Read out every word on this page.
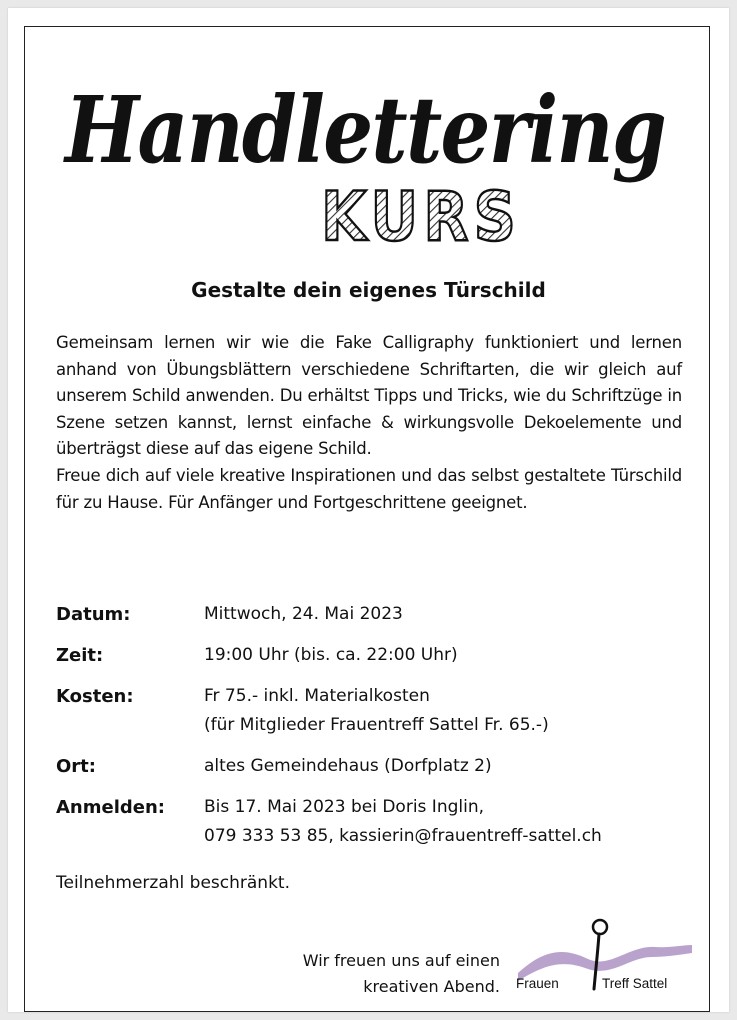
Handlettering
KURS
Gestalte dein eigenes Türschild

Gemeinsam lernen wir wie die Fake Calligraphy funktioniert und lernen anhand von Übungsblättern verschiedene Schriftarten, die wir gleich auf unserem Schild anwenden. Du erhältst Tipps und Tricks, wie du Schriftzüge in Szene setzen kannst, lernst einfache & wirkungsvolle Dekoelemente und überträgst diese auf das eigene Schild.

Freue dich auf viele kreative Inspirationen und das selbst gestaltete Türschild für zu Hause. Für Anfänger und Fortgeschrittene geeignet.

Datum:	Mittwoch, 24. Mai 2023
Zeit:	19:00 Uhr (bis. ca. 22:00 Uhr)
Kosten:	Fr 75.- inkl. Materialkosten
(für Mitglieder Frauentreff Sattel Fr. 65.-)
Ort:	altes Gemeindehaus (Dorfplatz 2)
Anmelden:	Bis 17. Mai 2023 bei Doris Inglin,
079 333 53 85, kassierin@frauentreff-sattel.ch
Teilnehmerzahl beschränkt.
Wir freuen uns auf einen
kreativen Abend. Frauen	Treff Sattel
